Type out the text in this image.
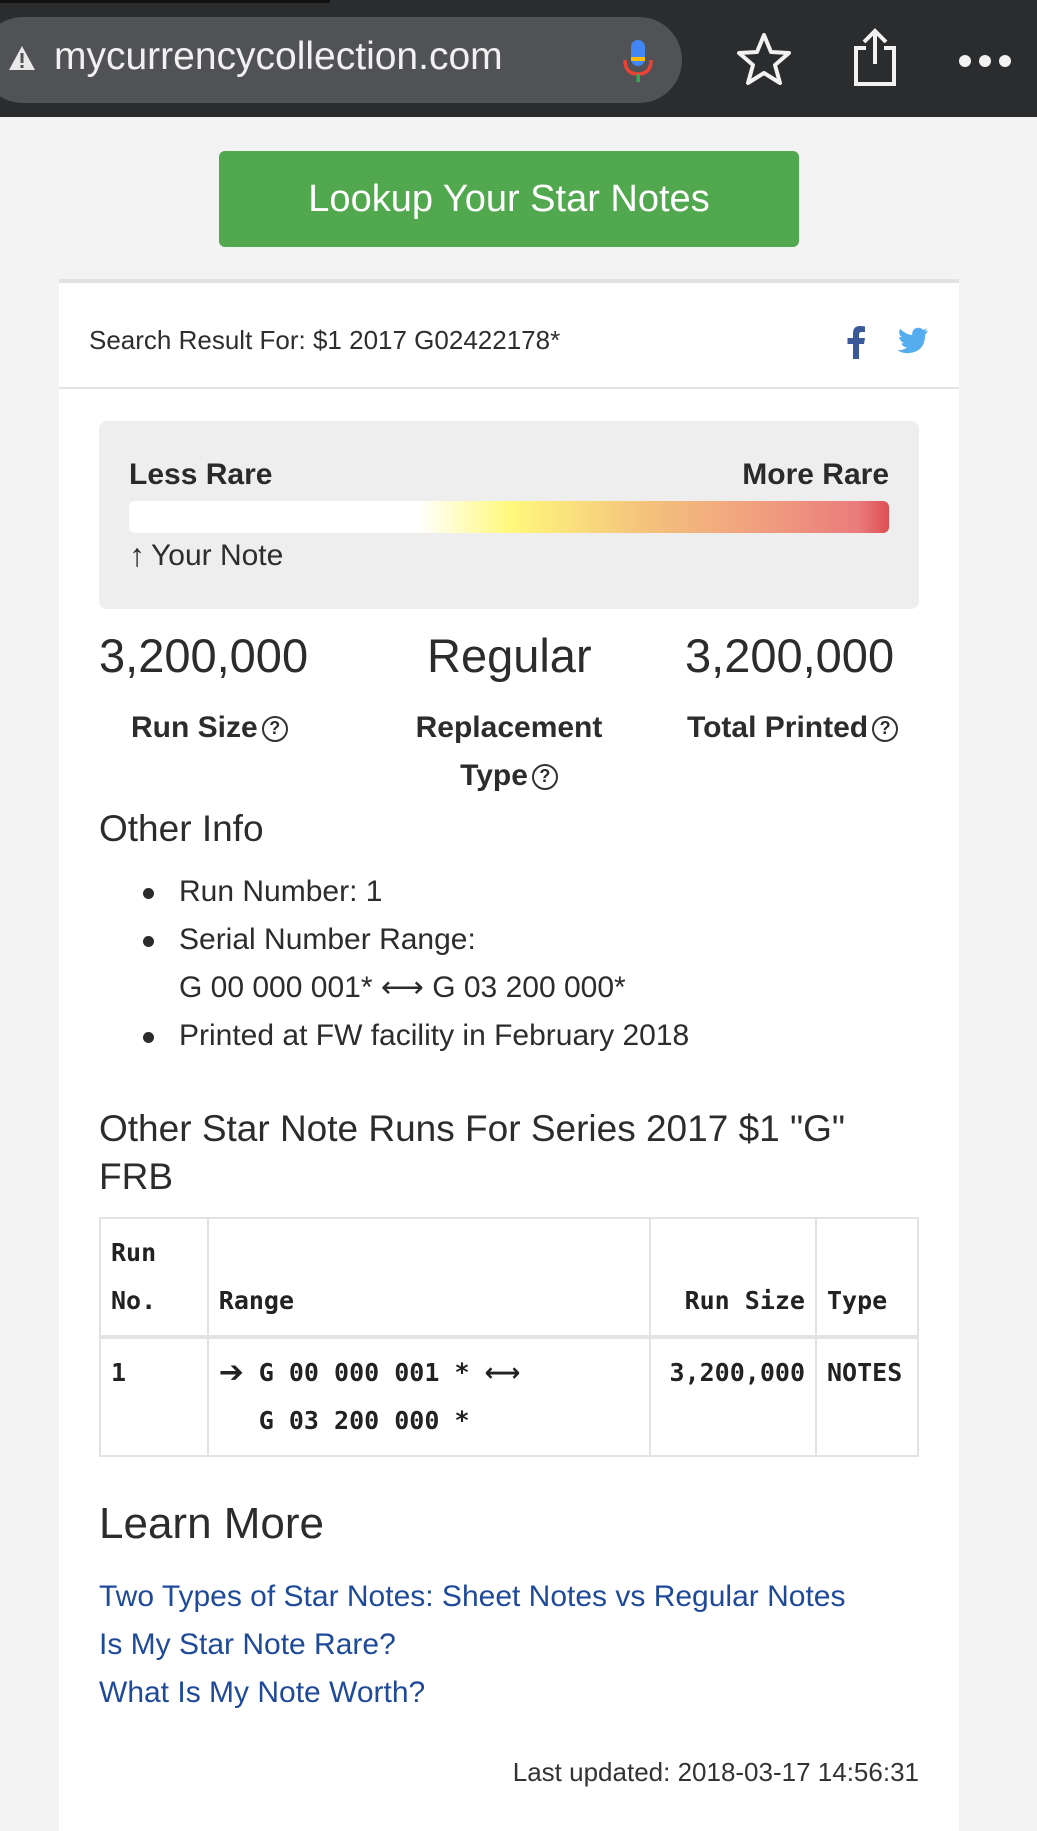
mycurrencycollection.com
Lookup Your Star Notes
Search Result For: $1 2017 G02422178*
Less Rare	More Rare
↑ Your Note
3,200,000
Run Size ?
Regular
Replacement
Type ?
3,200,000
Total Printed ?
Other Info
Run Number: 1
Serial Number Range:
G 00 000 001* ⟷ G 03 200 000*
Printed at FW facility in February 2018
Other Star Note Runs For Series 2017 $1 "G" FRB
Run
No.	Range	Run Size	Type
1	➔ G 00 000 001 * ⟷
G 03 200 000 *	3,200,000	NOTES
Learn More
Two Types of Star Notes: Sheet Notes vs Regular Notes
Is My Star Note Rare?
What Is My Note Worth?
Last updated: 2018-03-17 14:56:31
